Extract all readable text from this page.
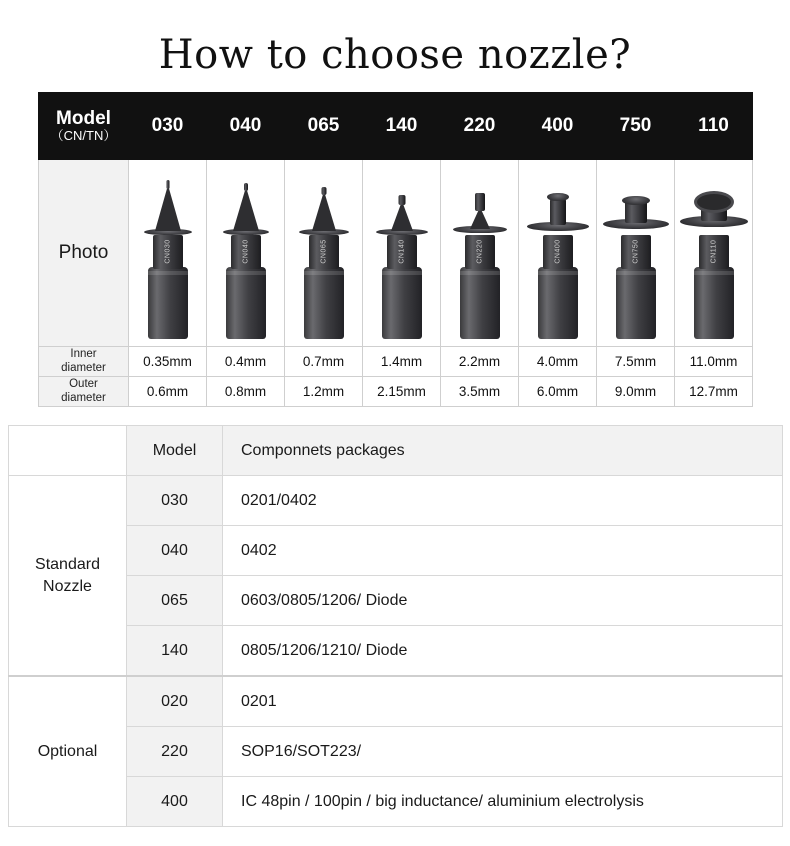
How to choose nozzle?
Model
（CN/TN）	030	040	065	140	220	400	750	110
Photo	CN030	CN040	CN065	CN140	CN220	CN400	CN750	CN110

Inner
diameter	0.35mm	0.4mm	0.7mm	1.4mm	2.2mm	4.0mm	7.5mm	11.0mm
Outer
diameter	0.6mm	0.8mm	1.2mm	2.15mm	3.5mm	6.0mm	9.0mm	12.7mm
	Model	Componnets packages
Standard
Nozzle	030	0201/0402
	040	0402
	065	0603/0805/1206/ Diode
	140	0805/1206/1210/ Diode
Optional	020	0201
	220	SOP16/SOT223/
	400	IC 48pin / 100pin / big inductance/ aluminium electrolysis
